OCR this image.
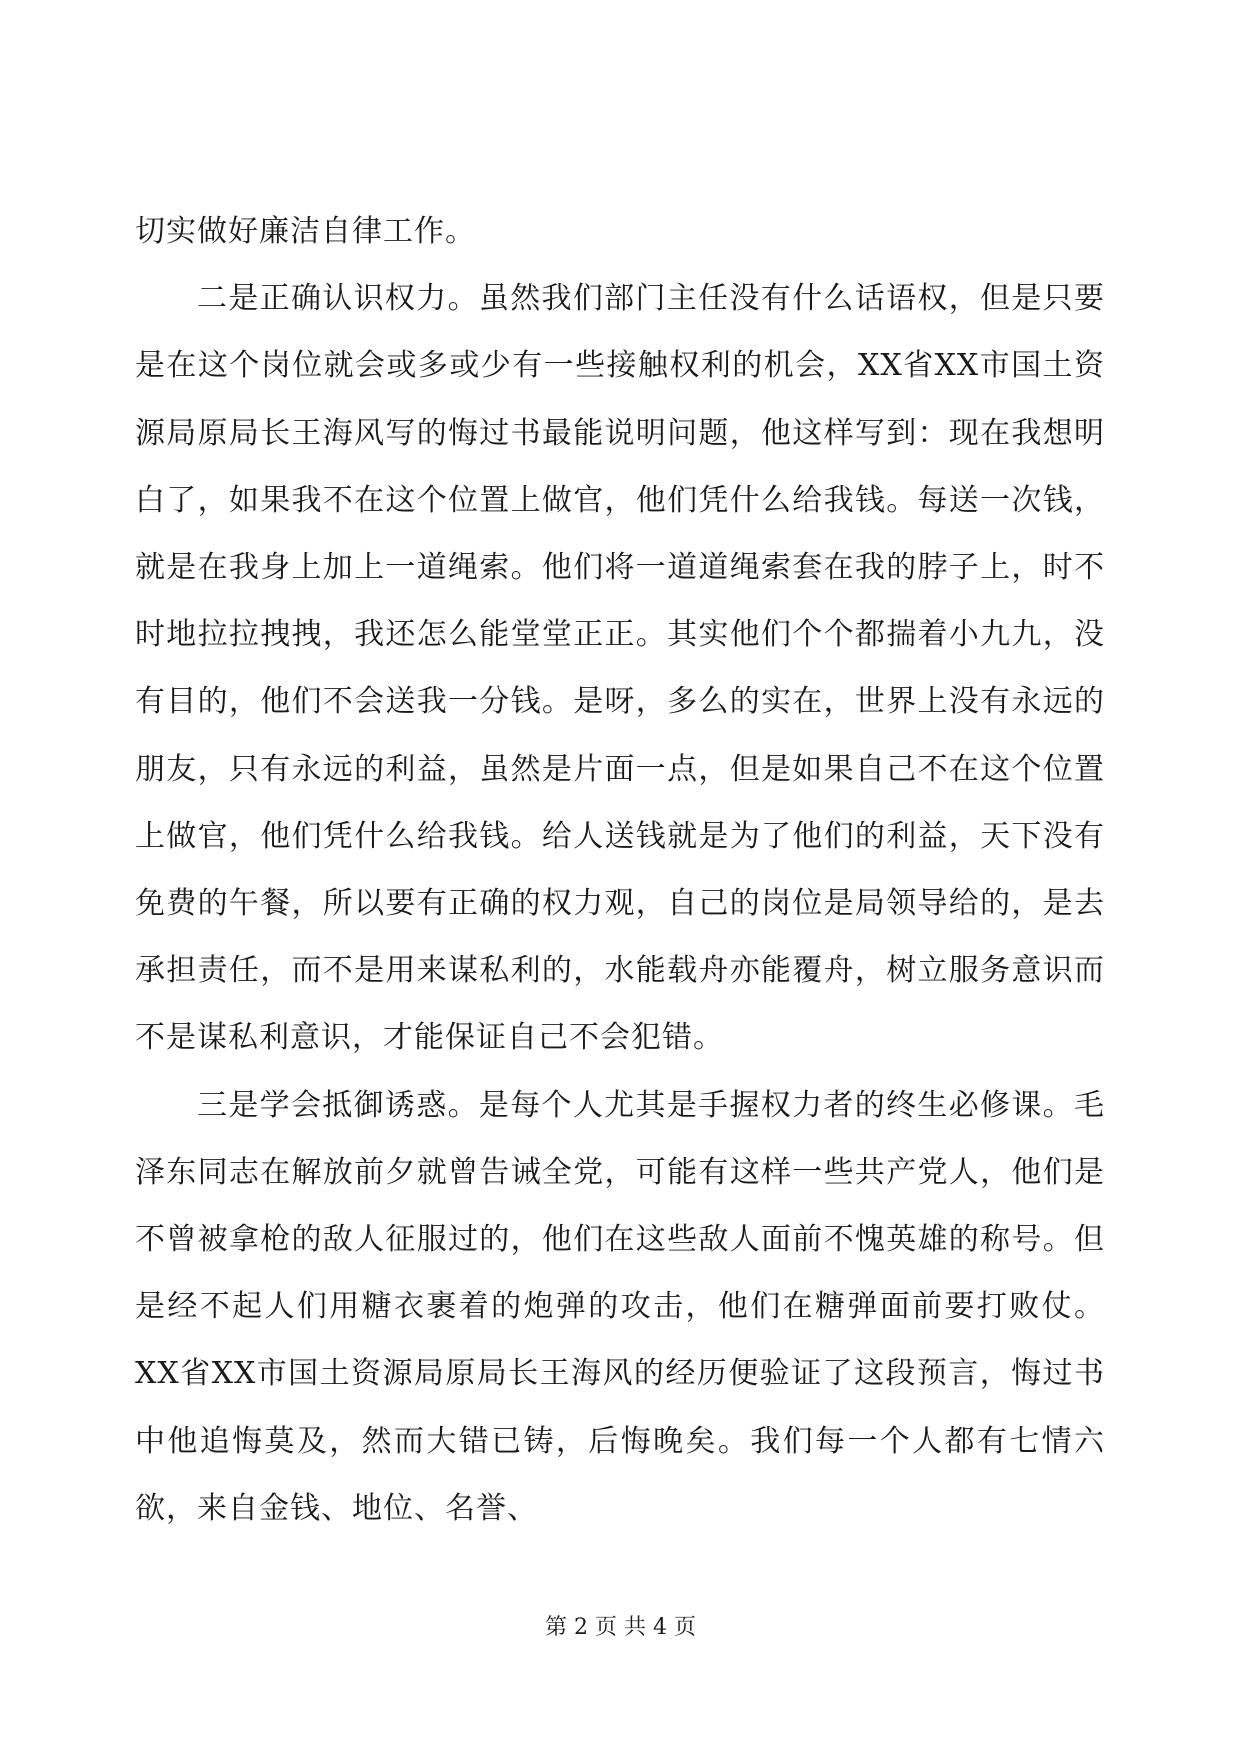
切实做好廉洁自律工作。

二是正确认识权力。虽然我们部门主任没有什么话语权，但是只要是在这个岗位就会或多或少有一些接触权利的机会，XX省XX市国土资源局原局长王海风写的悔过书最能说明问题，他这样写到：现在我想明白了，如果我不在这个位置上做官，他们凭什么给我钱。每送一次钱，就是在我身上加上一道绳索。他们将一道道绳索套在我的脖子上，时不时地拉拉拽拽，我还怎么能堂堂正正。其实他们个个都揣着小九九，没有目的，他们不会送我一分钱。是呀，多么的实在，世界上没有永远的朋友，只有永远的利益，虽然是片面一点，但是如果自己不在这个位置上做官，他们凭什么给我钱。给人送钱就是为了他们的利益，天下没有免费的午餐，所以要有正确的权力观，自己的岗位是局领导给的，是去承担责任，而不是用来谋私利的，水能载舟亦能覆舟，树立服务意识而不是谋私利意识，才能保证自己不会犯错。

三是学会抵御诱惑。是每个人尤其是手握权力者的终生必修课。毛泽东同志在解放前夕就曾告诫全党，可能有这样一些共产党人，他们是不曾被拿枪的敌人征服过的，他们在这些敌人面前不愧英雄的称号。但是经不起人们用糖衣裹着的炮弹的攻击，他们在糖弹面前要打败仗。XX省XX市国土资源局原局长王海风的经历便验证了这段预言，悔过书中他追悔莫及，然而大错已铸，后悔晚矣。我们每一个人都有七情六欲，来自金钱、地位、名誉、

第 2 页 共 4 页
